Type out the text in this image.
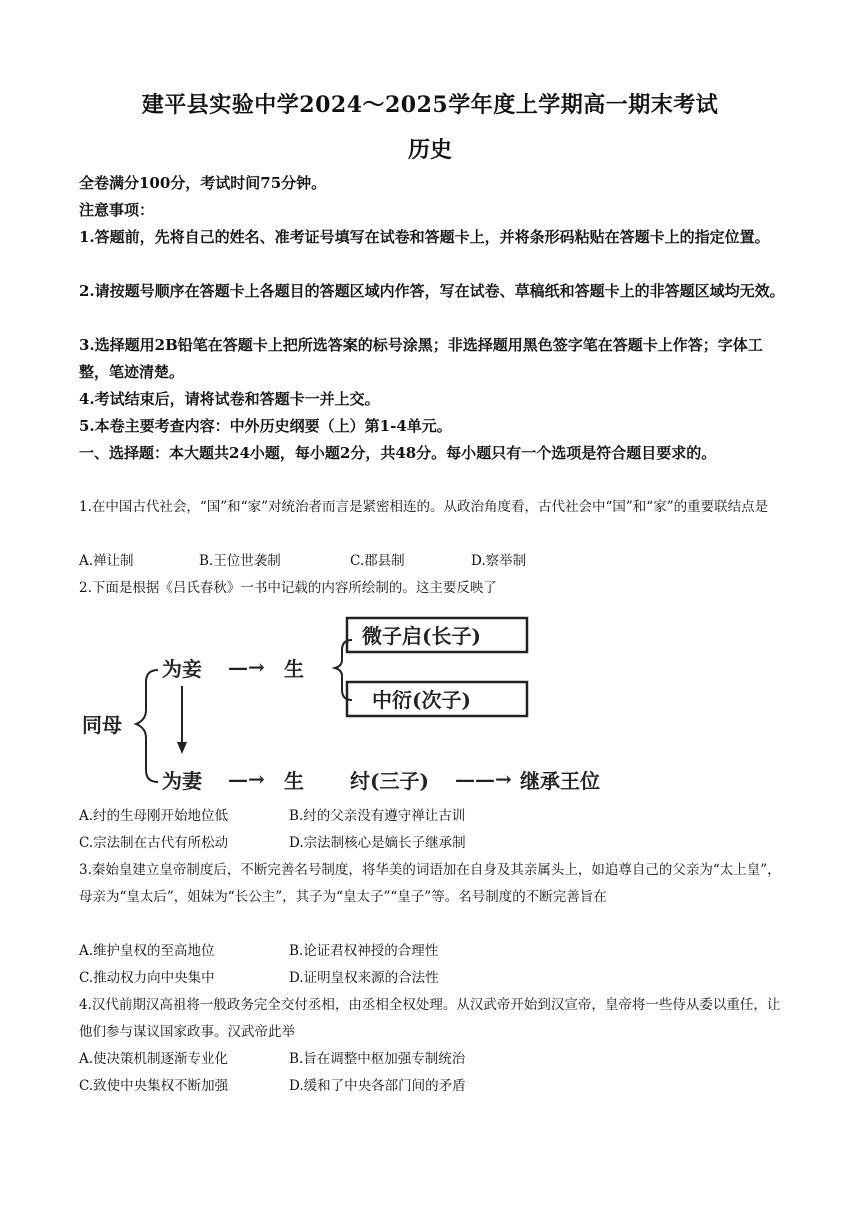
建平县实验中学2024～2025学年度上学期高一期末考试
历史
全卷满分100分，考试时间75分钟。
注意事项：
1.答题前，先将自己的姓名、准考证号填写在试卷和答题卡上，并将条形码粘贴在答题卡上的指定位置。
2.请按题号顺序在答题卡上各题目的答题区域内作答，写在试卷、草稿纸和答题卡上的非答题区域均无效。
3.选择题用2B铅笔在答题卡上把所选答案的标号涂黑；非选择题用黑色签字笔在答题卡上作答；字体工整，笔迹清楚。
4.考试结束后，请将试卷和答题卡一并上交。
5.本卷主要考查内容：中外历史纲要（上）第1-4单元。
一、选择题：本大题共24小题，每小题2分，共48分。每小题只有一个选项是符合题目要求的。
1.在中国古代社会，“国”和“家”对统治者而言是紧密相连的。从政治角度看，古代社会中“国”和“家”的重要联结点是
A.禅让制	B.王位世袭制	C.郡县制	D.察举制
2.下面是根据《吕氏春秋》一书中记载的内容所绘制的。这主要反映了
同母
为妾 —→ 生
微子启(长子)
中衍(次子)
为妻 —→ 生 纣(三子) ——→ 继承王位
A.纣的生母刚开始地位低	B.纣的父亲没有遵守禅让古训
C.宗法制在古代有所松动	D.宗法制核心是嫡长子继承制
3.秦始皇建立皇帝制度后，不断完善名号制度，将华美的词语加在自身及其亲属头上，如追尊自己的父亲为“太上皇”，母亲为“皇太后”，姐妹为“长公主”，其子为“皇太子”“皇子”等。名号制度的不断完善旨在
A.维护皇权的至高地位	B.论证君权神授的合理性
C.推动权力向中央集中	D.证明皇权来源的合法性
4.汉代前期汉高祖将一般政务完全交付丞相，由丞相全权处理。从汉武帝开始到汉宣帝，皇帝将一些侍从委以重任，让他们参与谋议国家政事。汉武帝此举
A.使决策机制逐渐专业化	B.旨在调整中枢加强专制统治
C.致使中央集权不断加强	D.缓和了中央各部门间的矛盾
